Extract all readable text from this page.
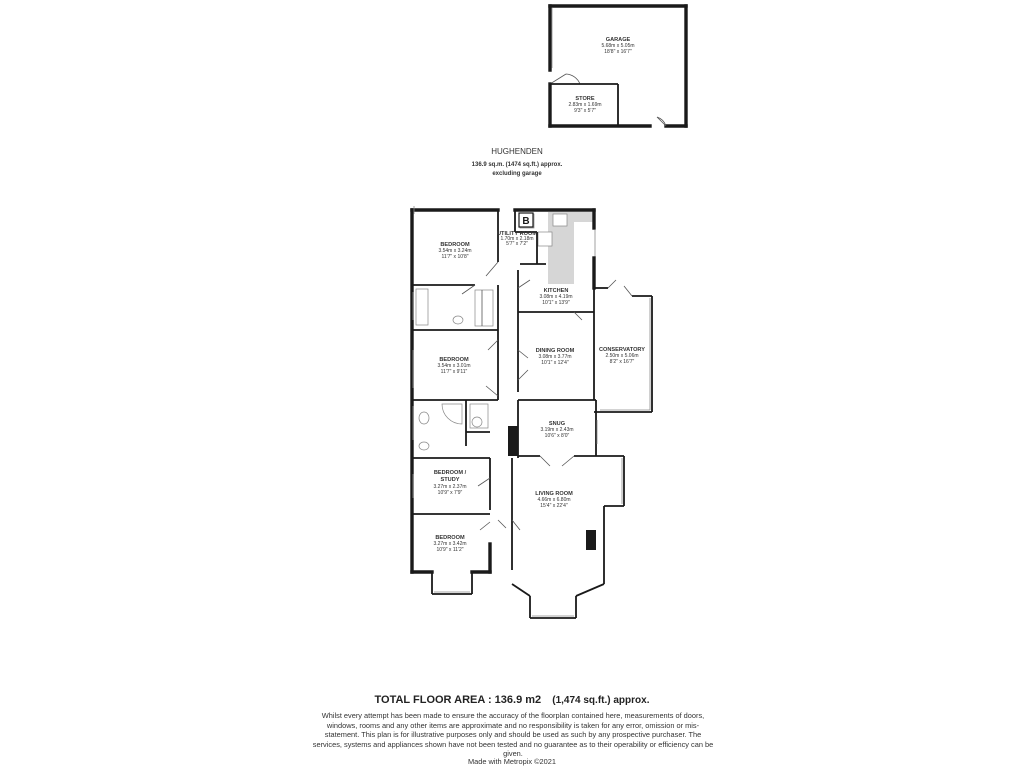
GARAGE
5.68m x 5.05m
18'8" x 16'7"
STORE
2.83m x 1.69m
9'3" x 5'7"
HUGHENDEN
136.9 sq.m. (1474 sq.ft.) approx.
excluding garage
B
BEDROOM
3.54m x 3.24m
11'7" x 10'8"
UTILITY ROOM
1.70m x 2.18m
5'7" x 7'2"
KITCHEN
3.08m x 4.19m
10'1" x 13'9"
CONSERVATORY
2.50m x 5.06m
8'2" x 16'7"
BEDROOM
3.54m x 3.01m
11'7" x 9'11"
DINING ROOM
3.08m x 3.77m
10'1" x 12'4"
SNUG
3.19m x 2.43m
10'6" x 8'0"
BEDROOM /
STUDY
3.27m x 2.37m
10'9" x 7'9"	LIVING ROOM
4.66m x 6.80m
15'4" x 22'4"
BEDROOM
3.27m x 3.42m
10'9" x 11'2"
TOTAL FLOOR AREA : 136.9 m2 (1,474 sq.ft.) approx.
Whilst every attempt has been made to ensure the accuracy of the floorplan contained here, measurements of doors, windows, rooms and any other items are approximate and no responsibility is taken for any error, omission or mis-statement. This plan is for illustrative purposes only and should be used as such by any prospective purchaser. The services, systems and appliances shown have not been tested and no guarantee as to their operability or efficiency can be given.
Made with Metropix ©2021
